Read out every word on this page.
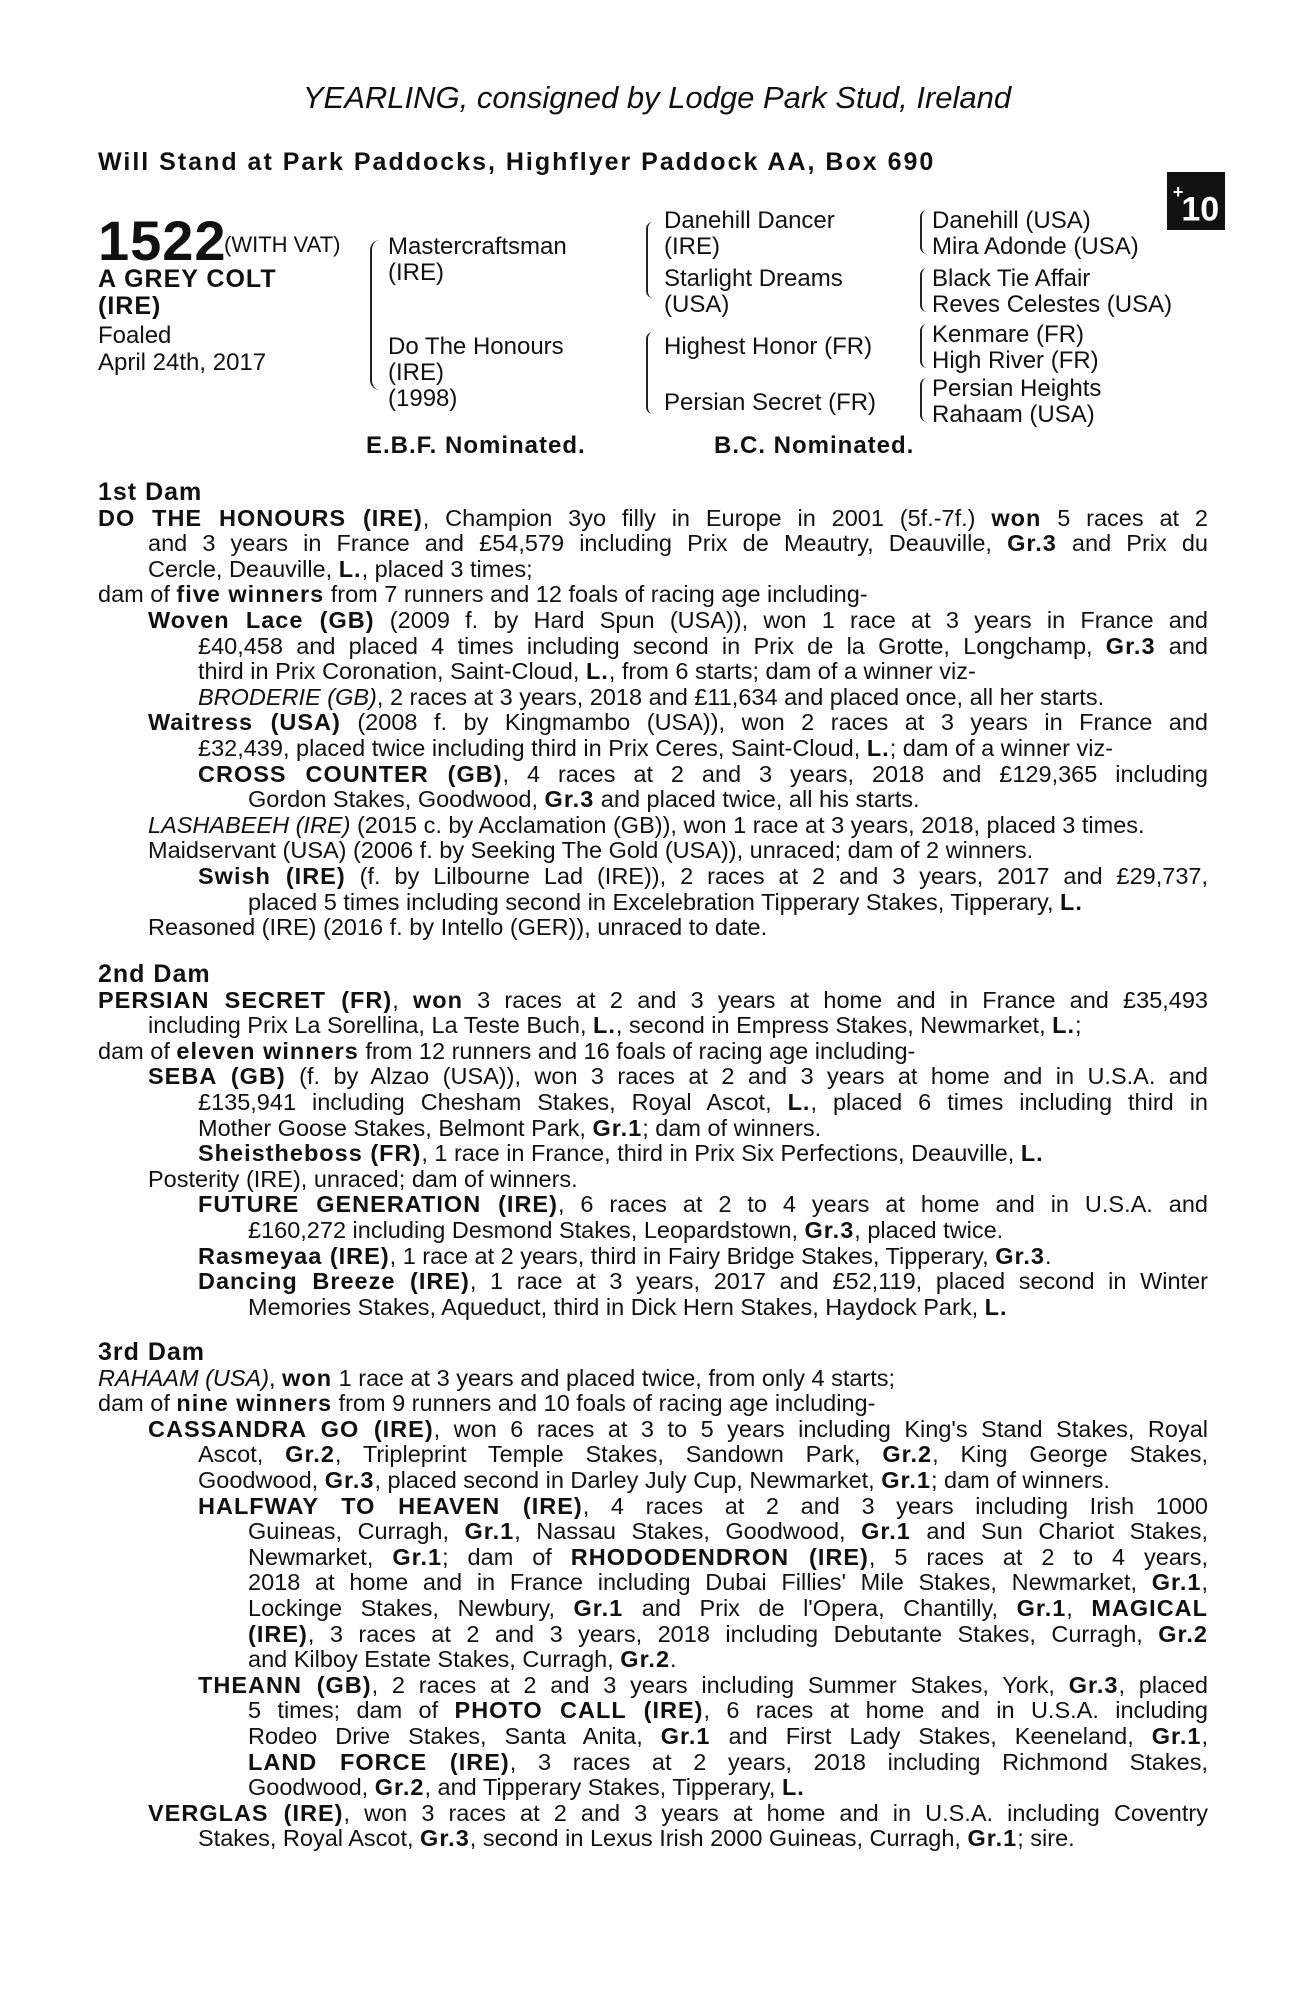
YEARLING, consigned by Lodge Park Stud, Ireland
Will Stand at Park Paddocks, Highflyer Paddock AA, Box 690
+10
1522
(WITH VAT)
A GREY COLT
(IRE)
Foaled
April 24th, 2017
Mastercraftsman
(IRE)
Do The Honours
(IRE)
(1998)
Danehill Dancer
(IRE)
Starlight Dreams
(USA)
Highest Honor (FR)
Persian Secret (FR)
Danehill (USA)
Mira Adonde (USA)
Black Tie Affair
Reves Celestes (USA)
Kenmare (FR)
High River (FR)
Persian Heights
Rahaam (USA)
E.B.F. Nominated.	B.C. Nominated.
1st Dam
DO THE HONOURS (IRE), Champion 3yo filly in Europe in 2001 (5f.-7f.) won 5 races at 2
and 3 years in France and £54,579 including Prix de Meautry, Deauville, Gr.3 and Prix du
Cercle, Deauville, L., placed 3 times;
dam of five winners from 7 runners and 12 foals of racing age including-
Woven Lace (GB) (2009 f. by Hard Spun (USA)), won 1 race at 3 years in France and
£40,458 and placed 4 times including second in Prix de la Grotte, Longchamp, Gr.3 and
third in Prix Coronation, Saint-Cloud, L., from 6 starts; dam of a winner viz-
BRODERIE (GB), 2 races at 3 years, 2018 and £11,634 and placed once, all her starts.
Waitress (USA) (2008 f. by Kingmambo (USA)), won 2 races at 3 years in France and
£32,439, placed twice including third in Prix Ceres, Saint-Cloud, L.; dam of a winner viz-
CROSS COUNTER (GB), 4 races at 2 and 3 years, 2018 and £129,365 including
Gordon Stakes, Goodwood, Gr.3 and placed twice, all his starts.
LASHABEEH (IRE) (2015 c. by Acclamation (GB)), won 1 race at 3 years, 2018, placed 3 times.
Maidservant (USA) (2006 f. by Seeking The Gold (USA)), unraced; dam of 2 winners.
Swish (IRE) (f. by Lilbourne Lad (IRE)), 2 races at 2 and 3 years, 2017 and £29,737,
placed 5 times including second in Excelebration Tipperary Stakes, Tipperary, L.
Reasoned (IRE) (2016 f. by Intello (GER)), unraced to date.
2nd Dam
PERSIAN SECRET (FR), won 3 races at 2 and 3 years at home and in France and £35,493
including Prix La Sorellina, La Teste Buch, L., second in Empress Stakes, Newmarket, L.;
dam of eleven winners from 12 runners and 16 foals of racing age including-
SEBA (GB) (f. by Alzao (USA)), won 3 races at 2 and 3 years at home and in U.S.A. and
£135,941 including Chesham Stakes, Royal Ascot, L., placed 6 times including third in
Mother Goose Stakes, Belmont Park, Gr.1; dam of winners.
Sheistheboss (FR), 1 race in France, third in Prix Six Perfections, Deauville, L.
Posterity (IRE), unraced; dam of winners.
FUTURE GENERATION (IRE), 6 races at 2 to 4 years at home and in U.S.A. and
£160,272 including Desmond Stakes, Leopardstown, Gr.3, placed twice.
Rasmeyaa (IRE), 1 race at 2 years, third in Fairy Bridge Stakes, Tipperary, Gr.3.
Dancing Breeze (IRE), 1 race at 3 years, 2017 and £52,119, placed second in Winter
Memories Stakes, Aqueduct, third in Dick Hern Stakes, Haydock Park, L.
3rd Dam
RAHAAM (USA), won 1 race at 3 years and placed twice, from only 4 starts;
dam of nine winners from 9 runners and 10 foals of racing age including-
CASSANDRA GO (IRE), won 6 races at 3 to 5 years including King's Stand Stakes, Royal
Ascot, Gr.2, Tripleprint Temple Stakes, Sandown Park, Gr.2, King George Stakes,
Goodwood, Gr.3, placed second in Darley July Cup, Newmarket, Gr.1; dam of winners.
HALFWAY TO HEAVEN (IRE), 4 races at 2 and 3 years including Irish 1000
Guineas, Curragh, Gr.1, Nassau Stakes, Goodwood, Gr.1 and Sun Chariot Stakes,
Newmarket, Gr.1; dam of RHODODENDRON (IRE), 5 races at 2 to 4 years,
2018 at home and in France including Dubai Fillies' Mile Stakes, Newmarket, Gr.1,
Lockinge Stakes, Newbury, Gr.1 and Prix de l'Opera, Chantilly, Gr.1, MAGICAL
(IRE), 3 races at 2 and 3 years, 2018 including Debutante Stakes, Curragh, Gr.2
and Kilboy Estate Stakes, Curragh, Gr.2.
THEANN (GB), 2 races at 2 and 3 years including Summer Stakes, York, Gr.3, placed
5 times; dam of PHOTO CALL (IRE), 6 races at home and in U.S.A. including
Rodeo Drive Stakes, Santa Anita, Gr.1 and First Lady Stakes, Keeneland, Gr.1,
LAND FORCE (IRE), 3 races at 2 years, 2018 including Richmond Stakes,
Goodwood, Gr.2, and Tipperary Stakes, Tipperary, L.
VERGLAS (IRE), won 3 races at 2 and 3 years at home and in U.S.A. including Coventry
Stakes, Royal Ascot, Gr.3, second in Lexus Irish 2000 Guineas, Curragh, Gr.1; sire.
